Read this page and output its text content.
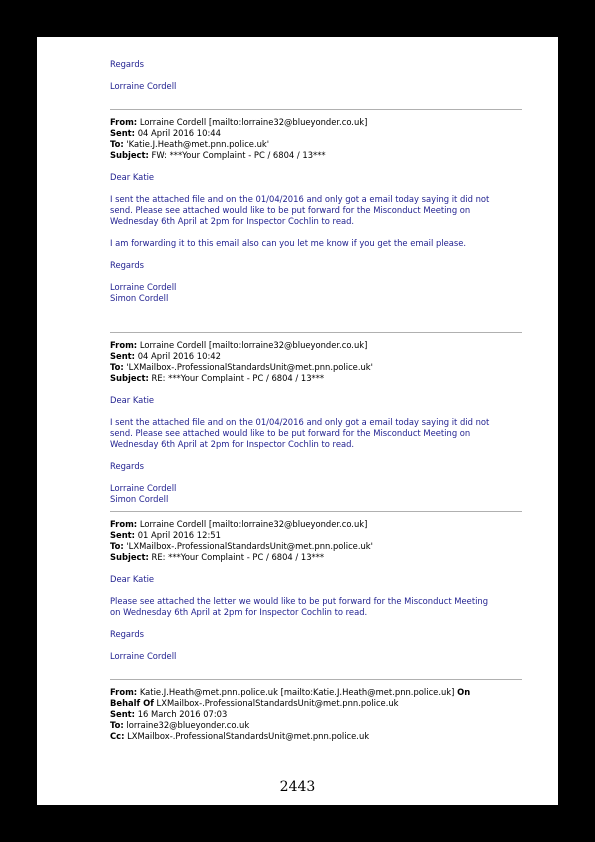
Regards

Lorraine Cordell

From: Lorraine Cordell [mailto:lorraine32@blueyonder.co.uk]

Sent: 04 April 2016 10:44

To: 'Katie.J.Heath@met.pnn.police.uk'

Subject: FW: ***Your Complaint - PC / 6804 / 13***

Dear Katie

I sent the attached file and on the 01/04/2016 and only got a email today saying it did not

send. Please see attached would like to be put forward for the Misconduct Meeting on

Wednesday 6th April at 2pm for Inspector Cochlin to read.

I am forwarding it to this email also can you let me know if you get the email please.

Regards

Lorraine Cordell

Simon Cordell

From: Lorraine Cordell [mailto:lorraine32@blueyonder.co.uk]

Sent: 04 April 2016 10:42

To: 'LXMailbox-.ProfessionalStandardsUnit@met.pnn.police.uk'

Subject: RE: ***Your Complaint - PC / 6804 / 13***

Dear Katie

I sent the attached file and on the 01/04/2016 and only got a email today saying it did not

send. Please see attached would like to be put forward for the Misconduct Meeting on

Wednesday 6th April at 2pm for Inspector Cochlin to read.

Regards

Lorraine Cordell

Simon Cordell

From: Lorraine Cordell [mailto:lorraine32@blueyonder.co.uk]

Sent: 01 April 2016 12:51

To: 'LXMailbox-.ProfessionalStandardsUnit@met.pnn.police.uk'

Subject: RE: ***Your Complaint - PC / 6804 / 13***

Dear Katie

Please see attached the letter we would like to be put forward for the Misconduct Meeting

on Wednesday 6th April at 2pm for Inspector Cochlin to read.

Regards

Lorraine Cordell

From: Katie.J.Heath@met.pnn.police.uk [mailto:Katie.J.Heath@met.pnn.police.uk] On

Behalf Of LXMailbox-.ProfessionalStandardsUnit@met.pnn.police.uk

Sent: 16 March 2016 07:03

To: lorraine32@blueyonder.co.uk

Cc: LXMailbox-.ProfessionalStandardsUnit@met.pnn.police.uk

2443
